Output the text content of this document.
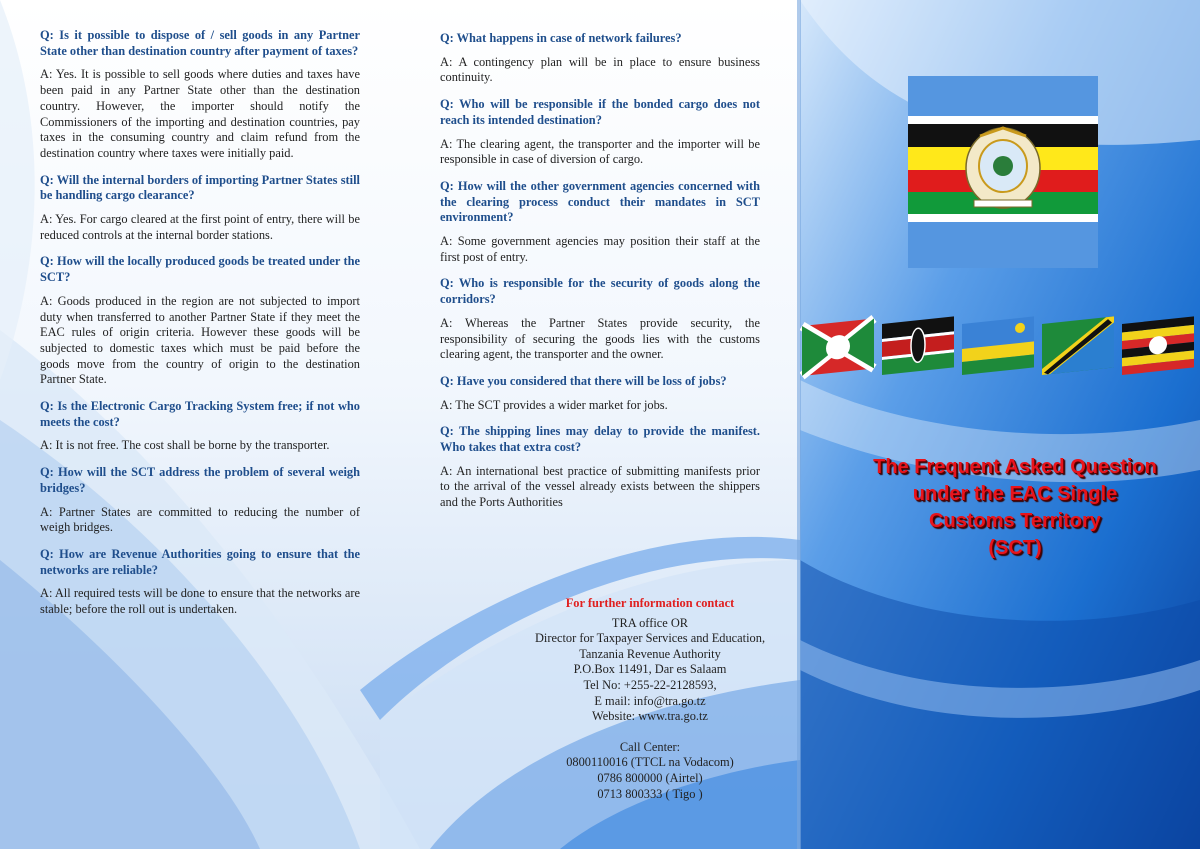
Q: Is it possible to dispose of / sell goods in any Partner State other than destination country after payment of taxes?

A: Yes. It is possible to sell goods where duties and taxes have been paid in any Partner State other than the destination country. However, the importer should notify the Commissioners of the importing and destination countries, pay taxes in the consuming country and claim refund from the destination country where taxes were initially paid.

Q: Will the internal borders of importing Partner States still be handling cargo clearance?

A: Yes. For cargo cleared at the first point of entry, there will be reduced controls at the internal border stations.

Q: How will the locally produced goods be treated under the SCT?

A: Goods produced in the region are not subjected to import duty when transferred to another Partner State if they meet the EAC rules of origin criteria. However these goods will be subjected to domestic taxes which must be paid before the goods move from the country of origin to the destination Partner State.

Q: Is the Electronic Cargo Tracking System free; if not who meets the cost?

A: It is not free. The cost shall be borne by the transporter.

Q: How will the SCT address the problem of several weigh bridges?

A: Partner States are committed to reducing the number of weigh bridges.

Q: How are Revenue Authorities going to ensure that the networks are reliable?

A: All required tests will be done to ensure that the networks are stable; before the roll out is undertaken.

Q: What happens in case of network failures?

A: A contingency plan will be in place to ensure business continuity.

Q: Who will be responsible if the bonded cargo does not reach its intended destination?

A: The clearing agent, the transporter and the importer will be responsible in case of diversion of cargo.

Q: How will the other government agencies concerned with the clearing process conduct their mandates in SCT environment?

A: Some government agencies may position their staff at the first post of entry.

Q: Who is responsible for the security of goods along the corridors?

A: Whereas the Partner States provide security, the responsibility of securing the goods lies with the customs clearing agent, the transporter and the owner.

Q: Have you considered that there will be loss of jobs?

A: The SCT provides a wider market for jobs.

Q: The shipping lines may delay to provide the manifest. Who takes that extra cost?

A: An international best practice of submitting manifests prior to the arrival of the vessel already exists between the shippers and the Ports Authorities

For further information contact
TRA office OR
Director for Taxpayer Services and Education,
Tanzania Revenue Authority
P.O.Box 11491, Dar es Salaam
Tel No: +255-22-2128593,
E mail: info@tra.go.tz
Website: www.tra.go.tz
Call Center:
0800110016 (TTCL na Vodacom)
0786 800000 (Airtel)
0713 800333 ( Tigo )
The Frequent Asked Question
under the EAC Single
Customs Territory
(SCT)
